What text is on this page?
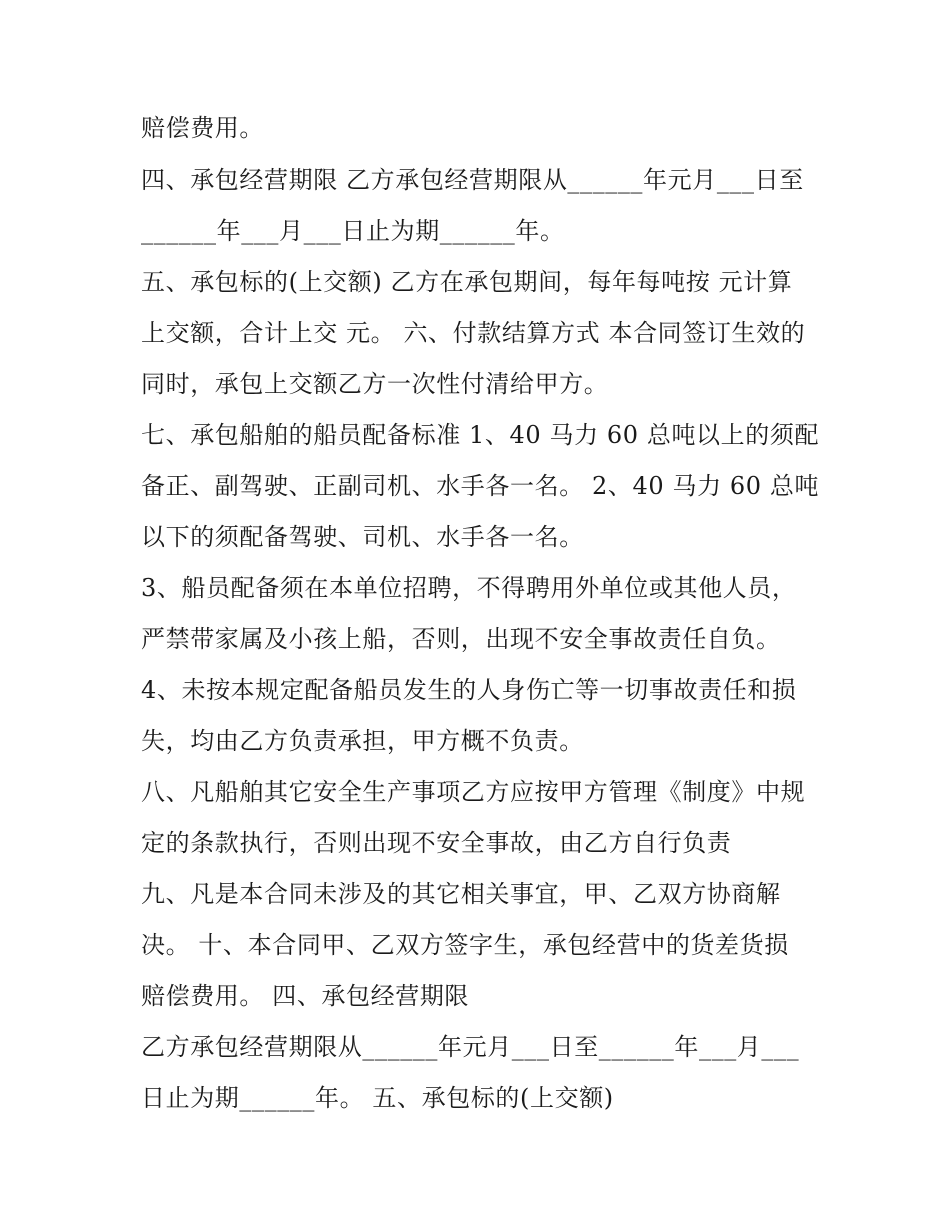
赔偿费用。
四、承包经营期限 乙方承包经营期限从______年元月___日至
______年___月___日止为期______年。
五、承包标的(上交额) 乙方在承包期间，每年每吨按 元计算
上交额，合计上交 元。 六、付款结算方式 本合同签订生效的
同时，承包上交额乙方一次性付清给甲方。
七、承包船舶的船员配备标准 1、40 马力 60 总吨以上的须配
备正、副驾驶、正副司机、水手各一名。 2、40 马力 60 总吨
以下的须配备驾驶、司机、水手各一名。
3、船员配备须在本单位招聘，不得聘用外单位或其他人员，
严禁带家属及小孩上船，否则，出现不安全事故责任自负。
4、未按本规定配备船员发生的人身伤亡等一切事故责任和损
失，均由乙方负责承担，甲方概不负责。
八、凡船舶其它安全生产事项乙方应按甲方管理《制度》中规
定的条款执行，否则出现不安全事故，由乙方自行负责
九、凡是本合同未涉及的其它相关事宜，甲、乙双方协商解
决。 十、本合同甲、乙双方签字生，承包经营中的货差货损
赔偿费用。 四、承包经营期限
乙方承包经营期限从______年元月___日至______年___月___
日止为期______年。 五、承包标的(上交额)
